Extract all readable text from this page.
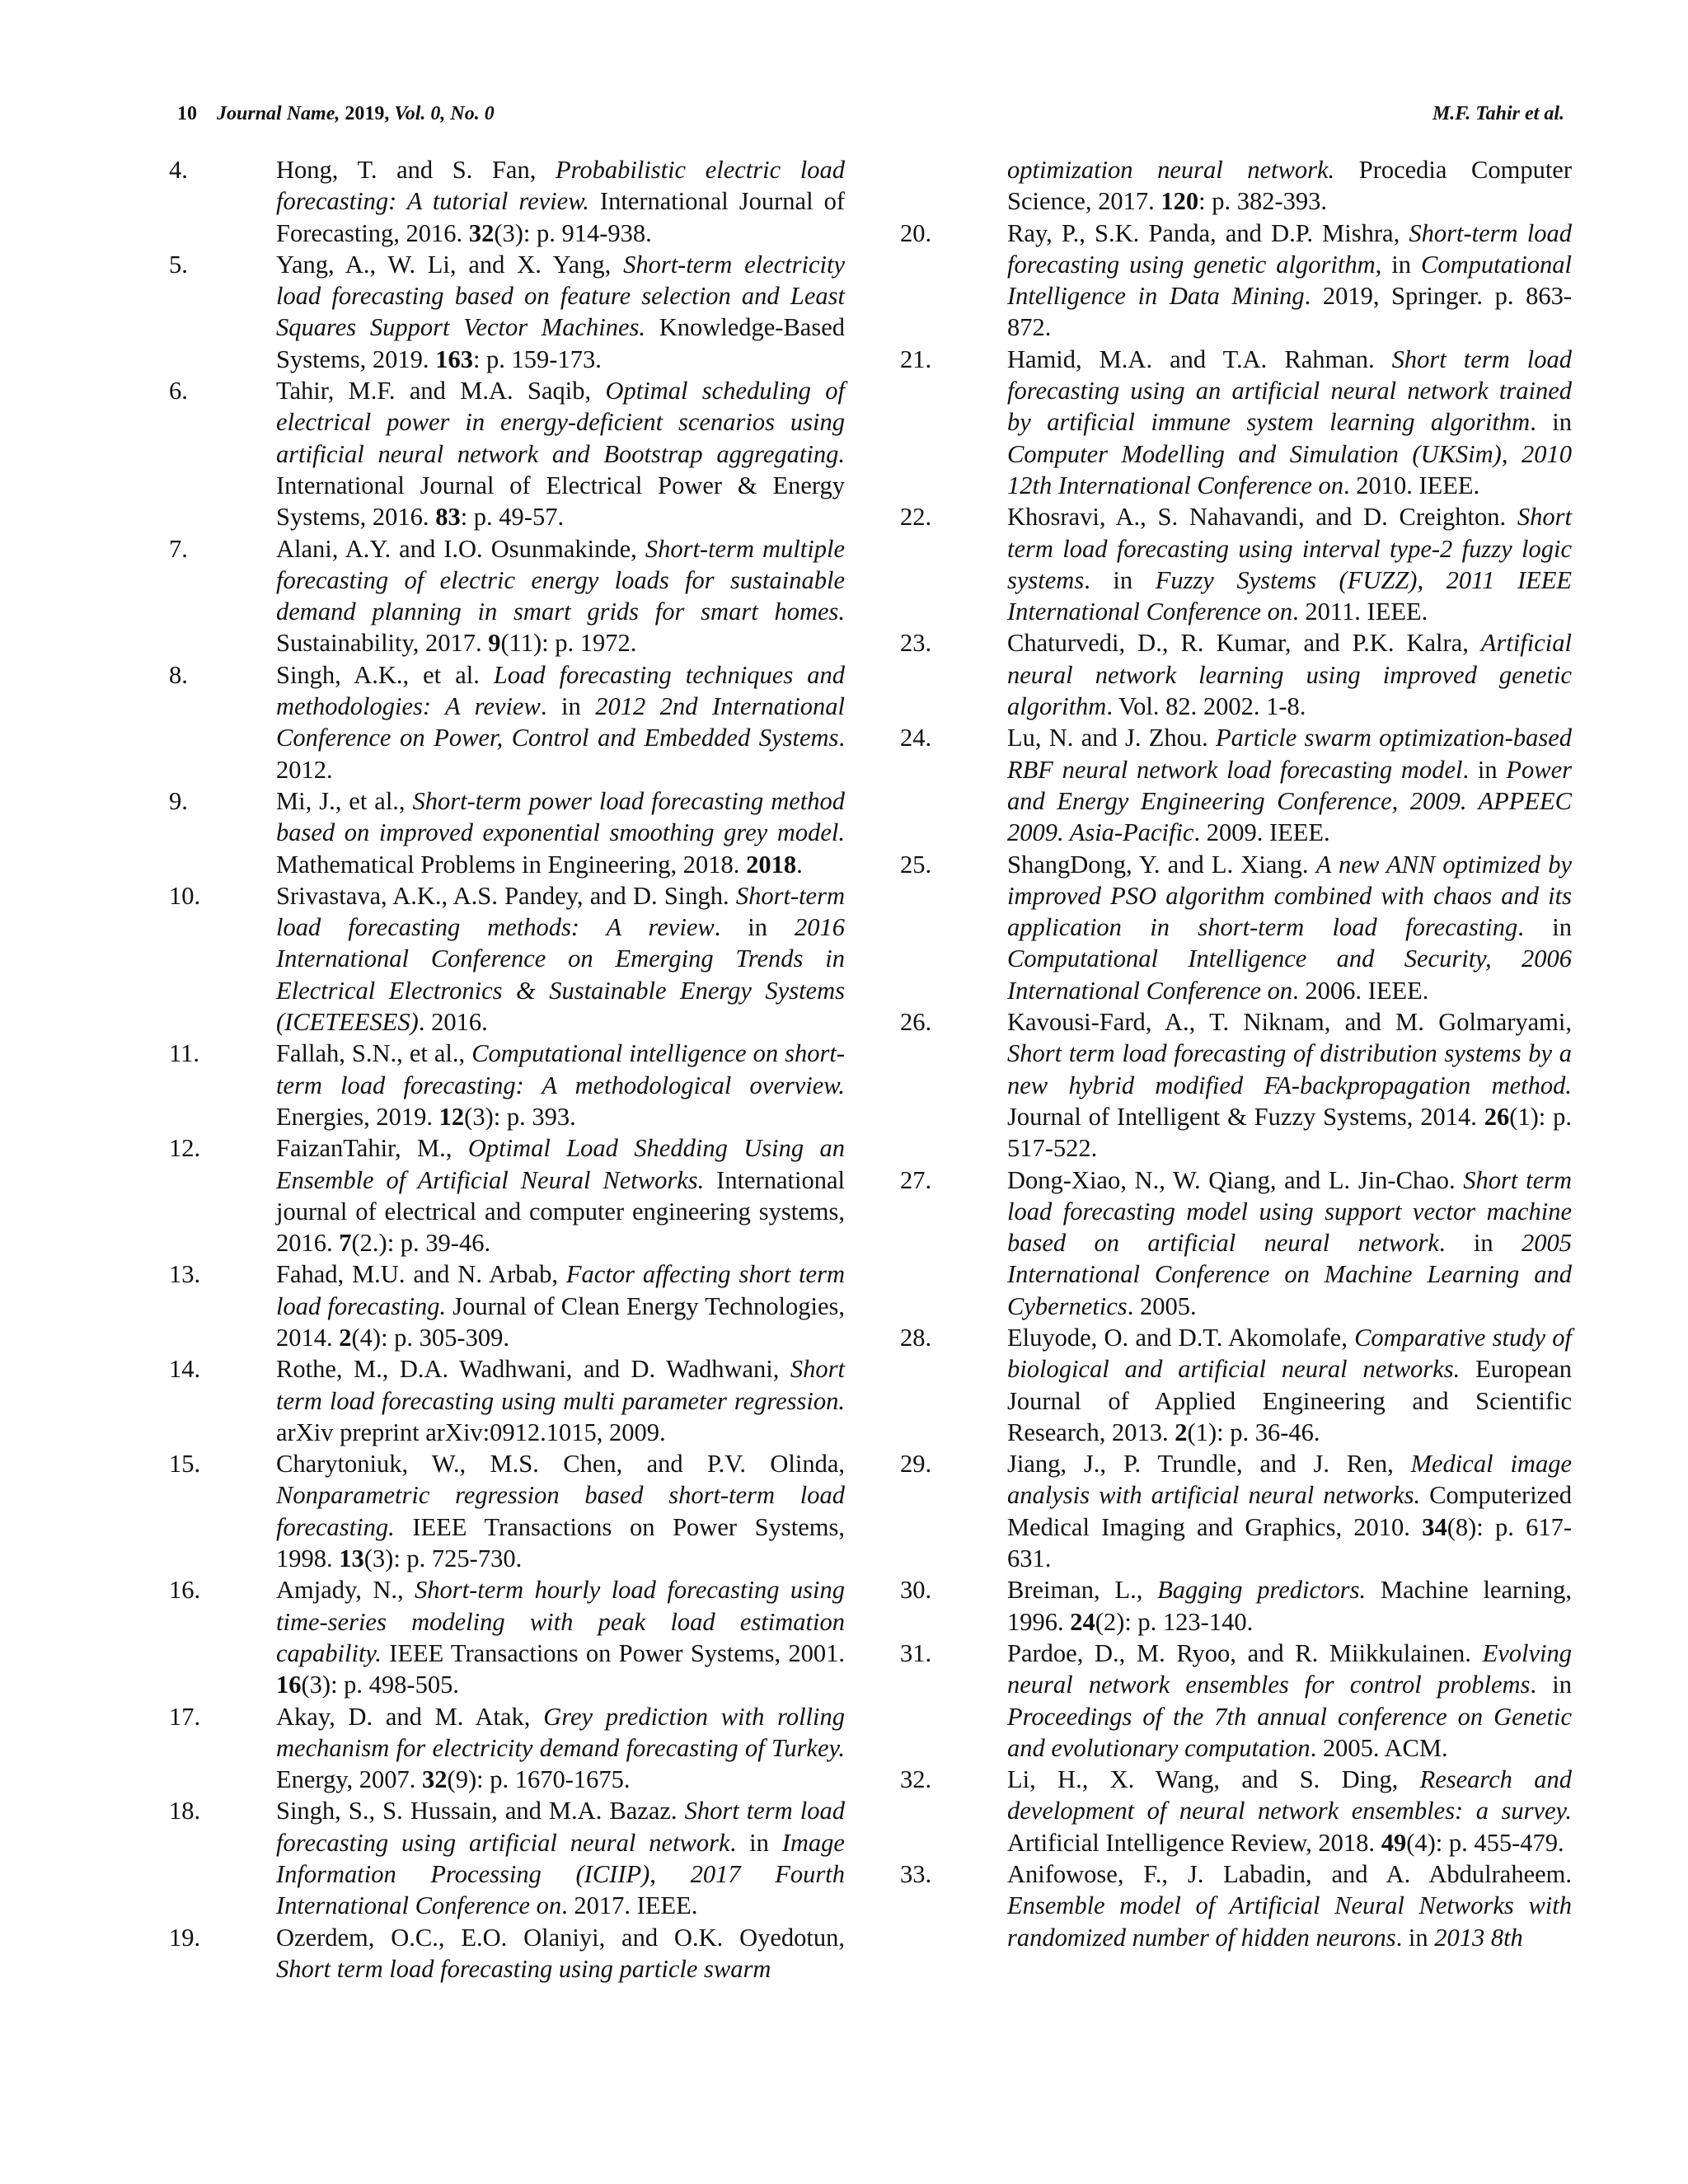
10 Journal Name, 2019, Vol. 0, No. 0	M.F. Tahir et al.
4.	Hong, T. and S. Fan, Probabilistic electric load forecasting: A tutorial review. International Journal of Forecasting, 2016. 32(3): p. 914-938.
5.	Yang, A., W. Li, and X. Yang, Short-term electricity load forecasting based on feature selection and Least Squares Support Vector Machines. Knowledge-Based Systems, 2019. 163: p. 159-173.
6.	Tahir, M.F. and M.A. Saqib, Optimal scheduling of electrical power in energy-deficient scenarios using artificial neural network and Bootstrap aggregating. International Journal of Electrical Power & Energy Systems, 2016. 83: p. 49-57.
7.	Alani, A.Y. and I.O. Osunmakinde, Short-term multiple forecasting of electric energy loads for sustainable demand planning in smart grids for smart homes. Sustainability, 2017. 9(11): p. 1972.
8.	Singh, A.K., et al. Load forecasting techniques and methodologies: A review. in 2012 2nd International Conference on Power, Control and Embedded Systems. 2012.
9.	Mi, J., et al., Short-term power load forecasting method based on improved exponential smoothing grey model. Mathematical Problems in Engineering, 2018. 2018.
10.	Srivastava, A.K., A.S. Pandey, and D. Singh. Short-term load forecasting methods: A review. in 2016 International Conference on Emerging Trends in Electrical Electronics & Sustainable Energy Systems (ICETEESES). 2016.
11.	Fallah, S.N., et al., Computational intelligence on short-term load forecasting: A methodological overview. Energies, 2019. 12(3): p. 393.
12.	FaizanTahir, M., Optimal Load Shedding Using an Ensemble of Artificial Neural Networks. International journal of electrical and computer engineering systems, 2016. 7(2.): p. 39-46.
13.	Fahad, M.U. and N. Arbab, Factor affecting short term load forecasting. Journal of Clean Energy Technologies, 2014. 2(4): p. 305-309.
14.	Rothe, M., D.A. Wadhwani, and D. Wadhwani, Short term load forecasting using multi parameter regression. arXiv preprint arXiv:0912.1015, 2009.
15.	Charytoniuk, W., M.S. Chen, and P.V. Olinda, Nonparametric regression based short-term load forecasting. IEEE Transactions on Power Systems, 1998. 13(3): p. 725-730.
16.	Amjady, N., Short-term hourly load forecasting using time-series modeling with peak load estimation capability. IEEE Transactions on Power Systems, 2001. 16(3): p. 498-505.
17.	Akay, D. and M. Atak, Grey prediction with rolling mechanism for electricity demand forecasting of Turkey. Energy, 2007. 32(9): p. 1670-1675.
18.	Singh, S., S. Hussain, and M.A. Bazaz. Short term load forecasting using artificial neural network. in Image Information Processing (ICIIP), 2017 Fourth International Conference on. 2017. IEEE.
19.	Ozerdem, O.C., E.O. Olaniyi, and O.K. Oyedotun, Short term load forecasting using particle swarm
optimization neural network. Procedia Computer Science, 2017. 120: p. 382-393.
20.	Ray, P., S.K. Panda, and D.P. Mishra, Short-term load forecasting using genetic algorithm, in Computational Intelligence in Data Mining. 2019, Springer. p. 863-872.
21.	Hamid, M.A. and T.A. Rahman. Short term load forecasting using an artificial neural network trained by artificial immune system learning algorithm. in Computer Modelling and Simulation (UKSim), 2010 12th International Conference on. 2010. IEEE.
22.	Khosravi, A., S. Nahavandi, and D. Creighton. Short term load forecasting using interval type-2 fuzzy logic systems. in Fuzzy Systems (FUZZ), 2011 IEEE International Conference on. 2011. IEEE.
23.	Chaturvedi, D., R. Kumar, and P.K. Kalra, Artificial neural network learning using improved genetic algorithm. Vol. 82. 2002. 1-8.
24.	Lu, N. and J. Zhou. Particle swarm optimization-based RBF neural network load forecasting model. in Power and Energy Engineering Conference, 2009. APPEEC 2009. Asia-Pacific. 2009. IEEE.
25.	ShangDong, Y. and L. Xiang. A new ANN optimized by improved PSO algorithm combined with chaos and its application in short-term load forecasting. in Computational Intelligence and Security, 2006 International Conference on. 2006. IEEE.
26.	Kavousi-Fard, A., T. Niknam, and M. Golmaryami, Short term load forecasting of distribution systems by a new hybrid modified FA-backpropagation method. Journal of Intelligent & Fuzzy Systems, 2014. 26(1): p. 517-522.
27.	Dong-Xiao, N., W. Qiang, and L. Jin-Chao. Short term load forecasting model using support vector machine based on artificial neural network. in 2005 International Conference on Machine Learning and Cybernetics. 2005.
28.	Eluyode, O. and D.T. Akomolafe, Comparative study of biological and artificial neural networks. European Journal of Applied Engineering and Scientific Research, 2013. 2(1): p. 36-46.
29.	Jiang, J., P. Trundle, and J. Ren, Medical image analysis with artificial neural networks. Computerized Medical Imaging and Graphics, 2010. 34(8): p. 617-631.
30.	Breiman, L., Bagging predictors. Machine learning, 1996. 24(2): p. 123-140.
31.	Pardoe, D., M. Ryoo, and R. Miikkulainen. Evolving neural network ensembles for control problems. in Proceedings of the 7th annual conference on Genetic and evolutionary computation. 2005. ACM.
32.	Li, H., X. Wang, and S. Ding, Research and development of neural network ensembles: a survey. Artificial Intelligence Review, 2018. 49(4): p. 455-479.
33.	Anifowose, F., J. Labadin, and A. Abdulraheem. Ensemble model of Artificial Neural Networks with randomized number of hidden neurons. in 2013 8th
